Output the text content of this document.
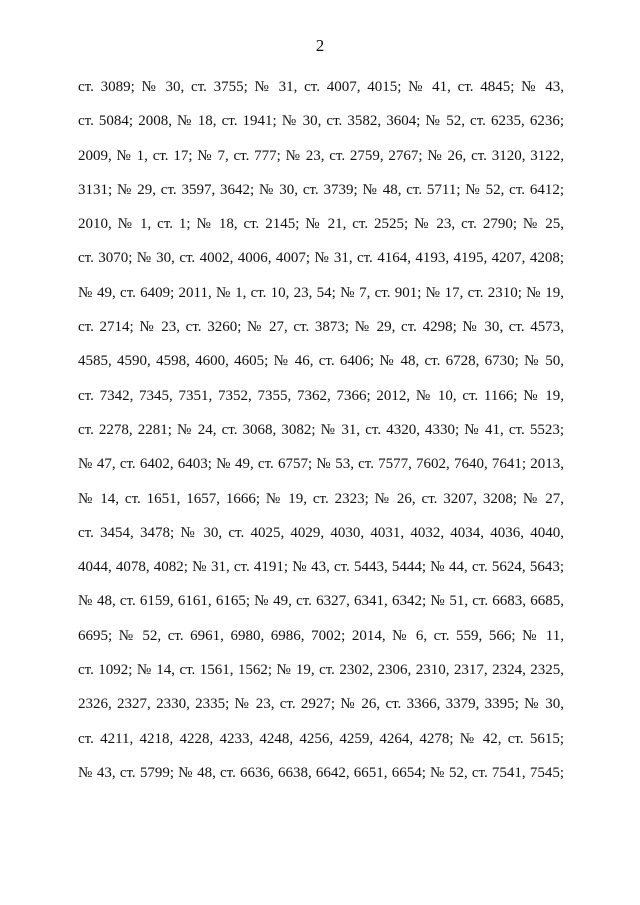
2
ст. 3089; № 30, ст. 3755; № 31, ст. 4007, 4015; № 41, ст. 4845; № 43,
ст. 5084; 2008, № 18, ст. 1941; № 30, ст. 3582, 3604; № 52, ст. 6235, 6236;
2009, № 1, ст. 17; № 7, ст. 777; № 23, ст. 2759, 2767; № 26, ст. 3120, 3122,
3131; № 29, ст. 3597, 3642; № 30, ст. 3739; № 48, ст. 5711; № 52, ст. 6412;
2010, № 1, ст. 1; № 18, ст. 2145; № 21, ст. 2525; № 23, ст. 2790; № 25,
ст. 3070; № 30, ст. 4002, 4006, 4007; № 31, ст. 4164, 4193, 4195, 4207, 4208;
№ 49, ст. 6409; 2011, № 1, ст. 10, 23, 54; № 7, ст. 901; № 17, ст. 2310; № 19,
ст. 2714; № 23, ст. 3260; № 27, ст. 3873; № 29, ст. 4298; № 30, ст. 4573,
4585, 4590, 4598, 4600, 4605; № 46, ст. 6406; № 48, ст. 6728, 6730; № 50,
ст. 7342, 7345, 7351, 7352, 7355, 7362, 7366; 2012, № 10, ст. 1166; № 19,
ст. 2278, 2281; № 24, ст. 3068, 3082; № 31, ст. 4320, 4330; № 41, ст. 5523;
№ 47, ст. 6402, 6403; № 49, ст. 6757; № 53, ст. 7577, 7602, 7640, 7641; 2013,
№ 14, ст. 1651, 1657, 1666; № 19, ст. 2323; № 26, ст. 3207, 3208; № 27,
ст. 3454, 3478; № 30, ст. 4025, 4029, 4030, 4031, 4032, 4034, 4036, 4040,
4044, 4078, 4082; № 31, ст. 4191; № 43, ст. 5443, 5444; № 44, ст. 5624, 5643;
№ 48, ст. 6159, 6161, 6165; № 49, ст. 6327, 6341, 6342; № 51, ст. 6683, 6685,
6695; № 52, ст. 6961, 6980, 6986, 7002; 2014, № 6, ст. 559, 566; № 11,
ст. 1092; № 14, ст. 1561, 1562; № 19, ст. 2302, 2306, 2310, 2317, 2324, 2325,
2326, 2327, 2330, 2335; № 23, ст. 2927; № 26, ст. 3366, 3379, 3395; № 30,
ст. 4211, 4218, 4228, 4233, 4248, 4256, 4259, 4264, 4278; № 42, ст. 5615;
№ 43, ст. 5799; № 48, ст. 6636, 6638, 6642, 6651, 6654; № 52, ст. 7541, 7545;
